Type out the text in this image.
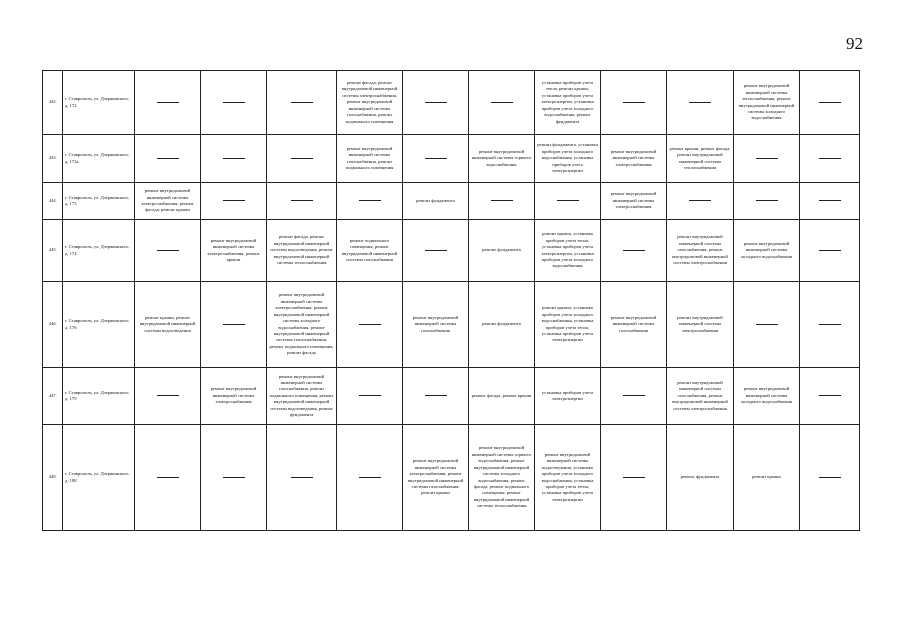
92
442.	г. Ставрополь, ул. Дзержинского, д. 172				ремонт фасада, ремонт внутридомовой инженерной системы электроснабжения, ремонт внутридомовой инженерной системы газоснабжения, ремонт подвального помещения			установка приборов учета тепла, ремонт крыши, установка приборов учета электроэнергии, установка приборов учета холодного водоснабжения, ремонт фундамента			ремонт внутридомовой инженерной системы теплоснабжения, ремонт внутридомовой инженерной системы холодного водоснабжения	
443.	г. Ставрополь, ул. Дзержинского, д. 172а				ремонт внутридомовой инженерной системы газоснабжения, ремонт подвального помещения		ремонт внутридомовой инженерной системы горячего водоснабжения	ремонт фундамента, установка приборов учета холодного водоснабжения, установка приборов учета электроэнергии	ремонт внутридомовой инженерной системы электроснабжения	ремонт крыши, ремонт фасада, ремонт внутридомовой инженерной системы теплоснабжения		
444.	г. Ставрополь, ул. Дзержинского, д. 173	ремонт внутридомовой инженерной системы электроснабжения, ремонт фасада, ремонт крыши				ремонт фундамента			ремонт внутридомовой инженерной системы электроснабжения			
445.	г. Ставрополь, ул. Дзержинского, д. 174		ремонт внутридомовой инженерной системы электроснабжения, ремонт крыши	ремонт фасада, ремонт внутридомовой инженерной системы водоотведения, ремонт внутридомовой инженерной системы теплоснабжения	ремонт подвального помещения, ремонт внутридомовой инженерной системы газоснабжения		ремонт фундамента	ремонт крыши, установка приборов учета тепла, установка приборов учета электроэнергии, установка приборов учета холодного водоснабжения		ремонт внутридомовой инженерной системы газоснабжения, ремонт внутридомовой инженерной системы электроснабжения	ремонт внутридомовой инженерной системы холодного водоснабжения	
446.	г. Ставрополь, ул. Дзержинского, д. 176	ремонт крыши, ремонт внутридомовой инженерной системы водоотведения		ремонт внутридомовой инженерной системы электроснабжения, ремонт внутридомовой инженерной системы холодного водоснабжения, ремонт внутридомовой инженерной системы теплоснабжения, ремонт подвального помещения, ремонт фасада		ремонт внутридомовой инженерной системы газоснабжения	ремонт фундамента	ремонт крыши, установка приборов учета холодного водоснабжения, установка приборов учета тепла, установка приборов учета электроэнергии	ремонт внутридомовой инженерной системы газоснабжения	ремонт внутридомовой инженерной системы электроснабжения		
447.	г. Ставрополь, ул. Дзержинского, д. 179		ремонт внутридомовой инженерной системы электроснабжения	ремонт внутридомовой инженерной системы газоснабжения, ремонт подвального помещения, ремонт внутридомовой инженерной системы водоотведения, ремонт фундамента			ремонт фасада, ремонт крыши	установка приборов учета электроэнергии		ремонт внутридомовой инженерной системы газоснабжения, ремонт внутридомовой инженерной системы электроснабжения	ремонт внутридомовой инженерной системы холодного водоснабжения	
448.	г. Ставрополь, ул. Дзержинского, д. 188					ремонт внутридомовой инженерной системы электроснабжения, ремонт внутридомовой инженерной системы газоснабжения, ремонт крыши	ремонт внутридомовой инженерной системы горячего водоснабжения, ремонт внутридомовой инженерной системы холодного водоснабжения, ремонт фасада, ремонт подвального помещения, ремонт внутридомовой инженерной системы теплоснабжения	ремонт внутридомовой инженерной системы водоотведения, установка приборов учета холодного водоснабжения, установка приборов учета тепла, установка приборов учета электроэнергии		ремонт фундамента	ремонт крыши	
